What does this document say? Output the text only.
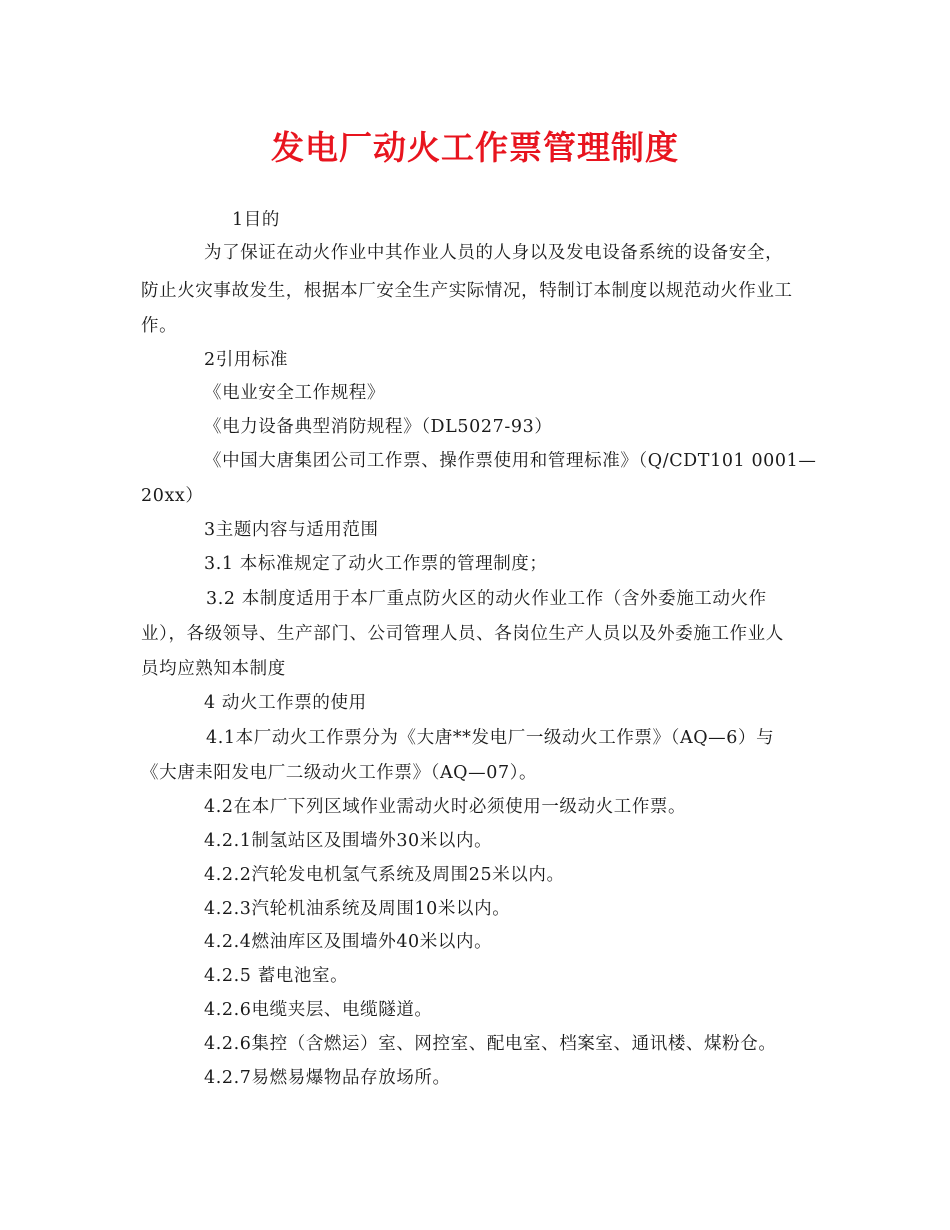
发电厂动火工作票管理制度
1目的
为了保证在动火作业中其作业人员的人身以及发电设备系统的设备安全，
防止火灾事故发生，根据本厂安全生产实际情况，特制订本制度以规范动火作业工
作。
2引用标准
《电业安全工作规程》
《电力设备典型消防规程》（DL5027-93）
《中国大唐集团公司工作票、操作票使用和管理标准》（Q/CDT101 0001—
20xx）
3主题内容与适用范围
3.1 本标准规定了动火工作票的管理制度；
3.2 本制度适用于本厂重点防火区的动火作业工作（含外委施工动火作
业），各级领导、生产部门、公司管理人员、各岗位生产人员以及外委施工作业人
员均应熟知本制度
4 动火工作票的使用
4.1本厂动火工作票分为《大唐**发电厂一级动火工作票》（AQ—6）与
《大唐耒阳发电厂二级动火工作票》（AQ—07）。
4.2在本厂下列区域作业需动火时必须使用一级动火工作票。
4.2.1制氢站区及围墙外30米以内。
4.2.2汽轮发电机氢气系统及周围25米以内。
4.2.3汽轮机油系统及周围10米以内。
4.2.4燃油库区及围墙外40米以内。
4.2.5 蓄电池室。
4.2.6电缆夹层、电缆隧道。
4.2.6集控（含燃运）室、网控室、配电室、档案室、通讯楼、煤粉仓。
4.2.7易燃易爆物品存放场所。
